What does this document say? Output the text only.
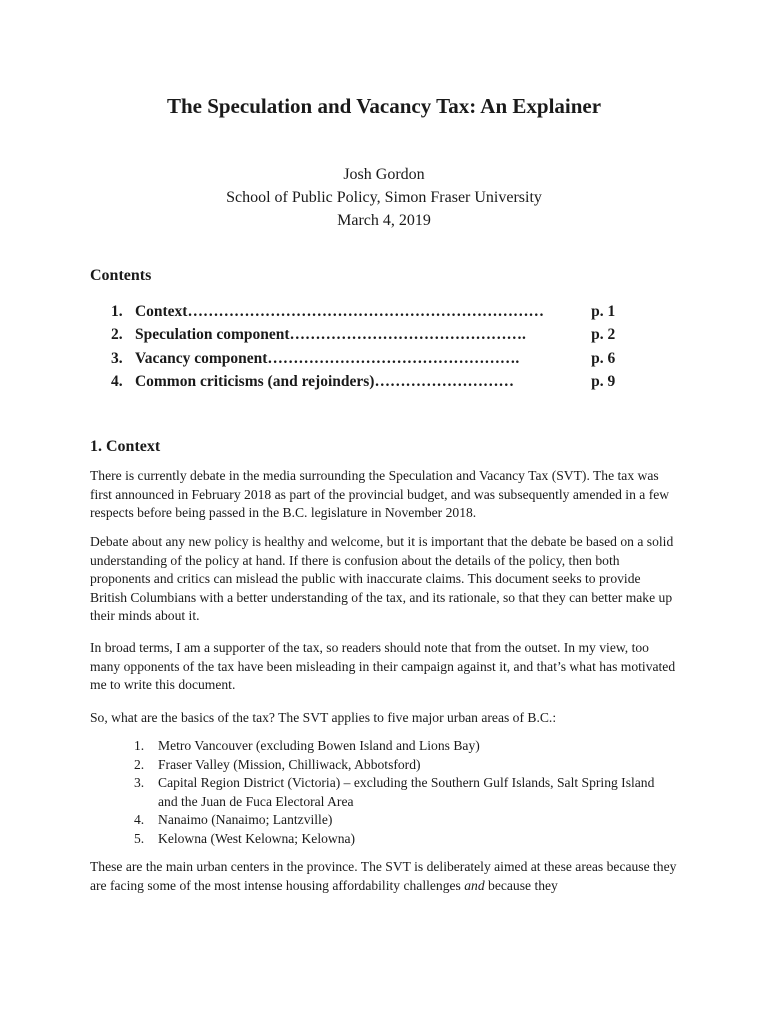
The Speculation and Vacancy Tax: An Explainer
Josh Gordon
School of Public Policy, Simon Fraser University
March 4, 2019
Contents
1. Context……………………………………………………………	p. 1
2. Speculation component……………………………………….	p. 2
3. Vacancy component………………………………………….	p. 6
4. Common criticisms (and rejoinders)………………………	p. 9
1. Context

There is currently debate in the media surrounding the Speculation and Vacancy Tax (SVT). The tax was first announced in February 2018 as part of the provincial budget, and was subsequently amended in a few respects before being passed in the B.C. legislature in November 2018.

Debate about any new policy is healthy and welcome, but it is important that the debate be based on a solid understanding of the policy at hand. If there is confusion about the details of the policy, then both proponents and critics can mislead the public with inaccurate claims. This document seeks to provide British Columbians with a better understanding of the tax, and its rationale, so that they can better make up their minds about it.

In broad terms, I am a supporter of the tax, so readers should note that from the outset. In my view, too many opponents of the tax have been misleading in their campaign against it, and that’s what has motivated me to write this document.

So, what are the basics of the tax? The SVT applies to five major urban areas of B.C.:

1.	Metro Vancouver (excluding Bowen Island and Lions Bay)
2.	Fraser Valley (Mission, Chilliwack, Abbotsford)
3.	Capital Region District (Victoria) – excluding the Southern Gulf Islands, Salt Spring Island and the Juan de Fuca Electoral Area
4.	Nanaimo (Nanaimo; Lantzville)
5.	Kelowna (West Kelowna; Kelowna)

These are the main urban centers in the province. The SVT is deliberately aimed at these areas because they are facing some of the most intense housing affordability challenges and because they
